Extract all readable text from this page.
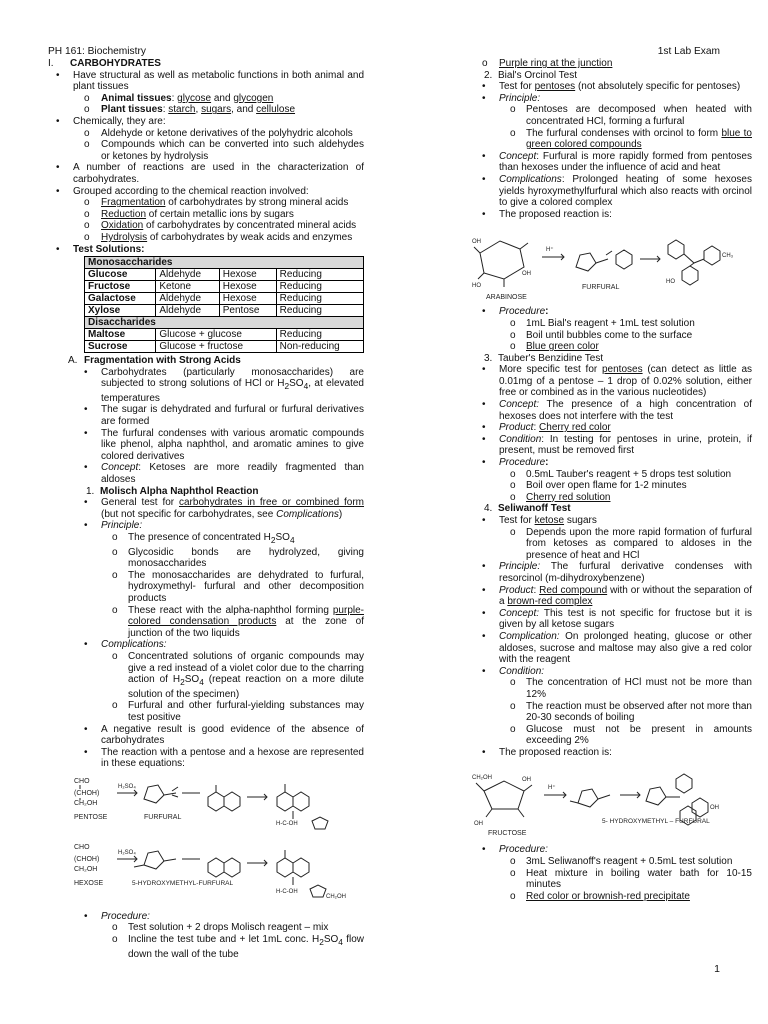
PH 161: Biochemistry	1st Lab Exam
I.	CARBOHYDRATES
•	Have structural as well as metabolic functions in both animal and plant tissues
o	Animal tissues: glycose and glycogen
o	Plant tissues: starch, sugars, and cellulose
•	Chemically, they are:
o	Aldehyde or ketone derivatives of the polyhydric alcohols
o	Compounds which can be converted into such aldehydes or ketones by hydrolysis
•	A number of reactions are used in the characterization of carbohydrates.
•	Grouped according to the chemical reaction involved:
o	Fragmentation of carbohydrates by strong mineral acids
o	Reduction of certain metallic ions by sugars
o	Oxidation of carbohydrates by concentrated mineral acids
o	Hydrolysis of carbohydrates by weak acids and enzymes
•	Test Solutions:
Monosaccharides			
Glucose	Aldehyde	Hexose	Reducing
Fructose	Ketone	Hexose	Reducing
Galactose	Aldehyde	Hexose	Reducing
Xylose	Aldehyde	Pentose	Reducing
Disaccharides			
Maltose	Glucose + glucose		Reducing
Sucrose	Glucose + fructose		Non-reducing
A. Fragmentation with Strong Acids
•	Carbohydrates (particularly monosaccharides) are subjected to strong solutions of HCl or $H_2SO_4$, at elevated temperatures
•	The sugar is dehydrated and furfural or furfural derivatives are formed
•	The furfural condenses with various aromatic compounds like phenol, alpha naphthol, and aromatic amines to give colored derivatives
•	Concept: Ketoses are more readily fragmented than aldoses
1. Molisch Alpha Naphthol Reaction
•	General test for carbohydrates in free or combined form (but not specific for carbohydrates, see Complications)
•	Principle:
o	The presence of concentrated $H_2SO_4$
o	Glycosidic bonds are hydrolyzed, giving monosaccharides
o	The monosaccharides are dehydrated to furfural, hydroxymethyl- furfural and other decomposition products
o	These react with the alpha-naphthol forming purple-colored condensation products at the zone of junction of the two liquids
•	Complications:
o	Concentrated solutions of organic compounds may give a red instead of a violet color due to the charring action of $H_2SO_4$ (repeat reaction on a more dilute solution of the specimen)
o	Furfural and other furfural-yielding substances may test positive
•	A negative result is good evidence of the absence of carbohydrates
•	The reaction with a pentose and a hexose are represented in these equations:
CHO
(CHOH)
CH₂OH
H₂SO₄
H-C-OH
CHO
(CHOH)
CH₂OH
H₂SO₄
H-C-OH
CH₂OH
PENTOSE	FURFURAL
HEXOSE	5-HYDROXYMETHYL-FURFURAL
•	Procedure:
o	Test solution + 2 drops Molisch reagent – mix
o	Incline the test tube and + let 1mL conc. $H_2SO_4$ flow down the wall of the tube
o	Purple ring at the junction
2. Bial's Orcinol Test
•	Test for pentoses (not absolutely specific for pentoses)
•	Principle:
o	Pentoses are decomposed when heated with concentrated HCl, forming a furfural
o	The furfural condenses with orcinol to form blue to green colored compounds
•	Concept: Furfural is more rapidly formed from pentoses than hexoses under the influence of acid and heat
•	Complications: Prolonged heating of some hexoses yields hyroxymethylfurfural which also reacts with orcinol to give a colored complex
•	The proposed reaction is:
OH
OH
HO
H⁺
CH₃
HO
ARABINOSE
FURFURAL
•	Procedure:
o	1mL Bial's reagent + 1mL test solution
o	Boil until bubbles come to the surface
o	Blue green color
3. Tauber's Benzidine Test
•	More specific test for pentoses (can detect as little as 0.01mg of a pentose – 1 drop of 0.02% solution, either free or combined as in the various nucleotides)
•	Concept: The presence of a high concentration of hexoses does not interfere with the test
•	Product: Cherry red color
•	Condition: In testing for pentoses in urine, protein, if present, must be removed first
•	Procedure:
o	0.5mL Tauber's reagent + 5 drops test solution
o	Boil over open flame for 1-2 minutes
o	Cherry red solution
4. Seliwanoff Test
•	Test for ketose sugars
o	Depends upon the more rapid formation of furfural from ketoses as compared to aldoses in the presence of heat and HCl
•	Principle: The furfural derivative condenses with resorcinol (m-dihydroxybenzene)
•	Product: Red compound with or without the separation of a brown-red complex
•	Concept: This test is not specific for fructose but it is given by all ketose sugars
•	Complication: On prolonged heating, glucose or other aldoses, sucrose and maltose may also give a red color with the reagent
•	Condition:
o	The concentration of HCl must not be more than 12%
o	The reaction must be observed after not more than 20-30 seconds of boiling
o	Glucose must not be present in amounts exceeding 2%
•	The proposed reaction is:
CH₂OH	OH
OH
H⁺
OH
FRUCTOSE
5- HYDROXYMETHYL – FURFURAL
•	Procedure:
o	3mL Seliwanoff's reagent + 0.5mL test solution
o	Heat mixture in boiling water bath for 10-15 minutes
o	Red color or brownish-red precipitate
1
